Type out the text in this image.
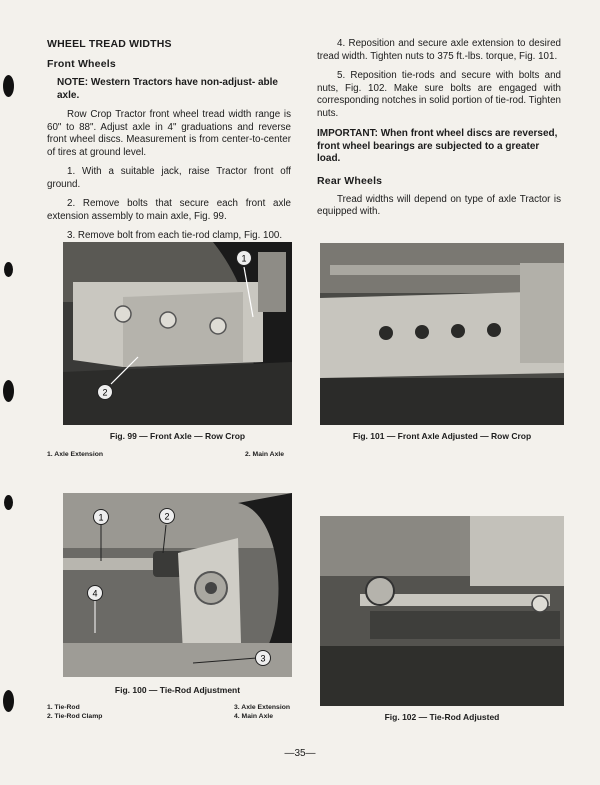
WHEEL TREAD WIDTHS
Front Wheels

NOTE: Western Tractors have non-adjust- able axle.

Row Crop Tractor front wheel tread width range is 60" to 88". Adjust axle in 4" graduations and reverse front wheel discs. Measurement is from center-to-center of tires at ground level.

1. With a suitable jack, raise Tractor front off ground.

2. Remove bolts that secure each front axle extension assembly to main axle, Fig. 99.

3. Remove bolt from each tie-rod clamp, Fig. 100.

4. Reposition and secure axle extension to desired tread width. Tighten nuts to 375 ft.-lbs. torque, Fig. 101.

5. Reposition tie-rods and secure with bolts and nuts, Fig. 102. Make sure bolts are engaged with corresponding notches in solid portion of tie-rod. Tighten nuts.

IMPORTANT: When front wheel discs are reversed, front wheel bearings are subjected to a greater load.

Rear Wheels

Tread widths will depend on type of axle Tractor is equipped with.

1
2
Fig. 99 — Front Axle — Row Crop
1. Axle Extension	2. Main Axle
Fig. 101 — Front Axle Adjusted — Row Crop
1	2
3
4
Fig. 100 — Tie-Rod Adjustment
1. Tie-Rod
2. Tie-Rod Clamp
3. Axle Extension
4. Main Axle	Fig. 102 — Tie-Rod Adjusted
—35—
